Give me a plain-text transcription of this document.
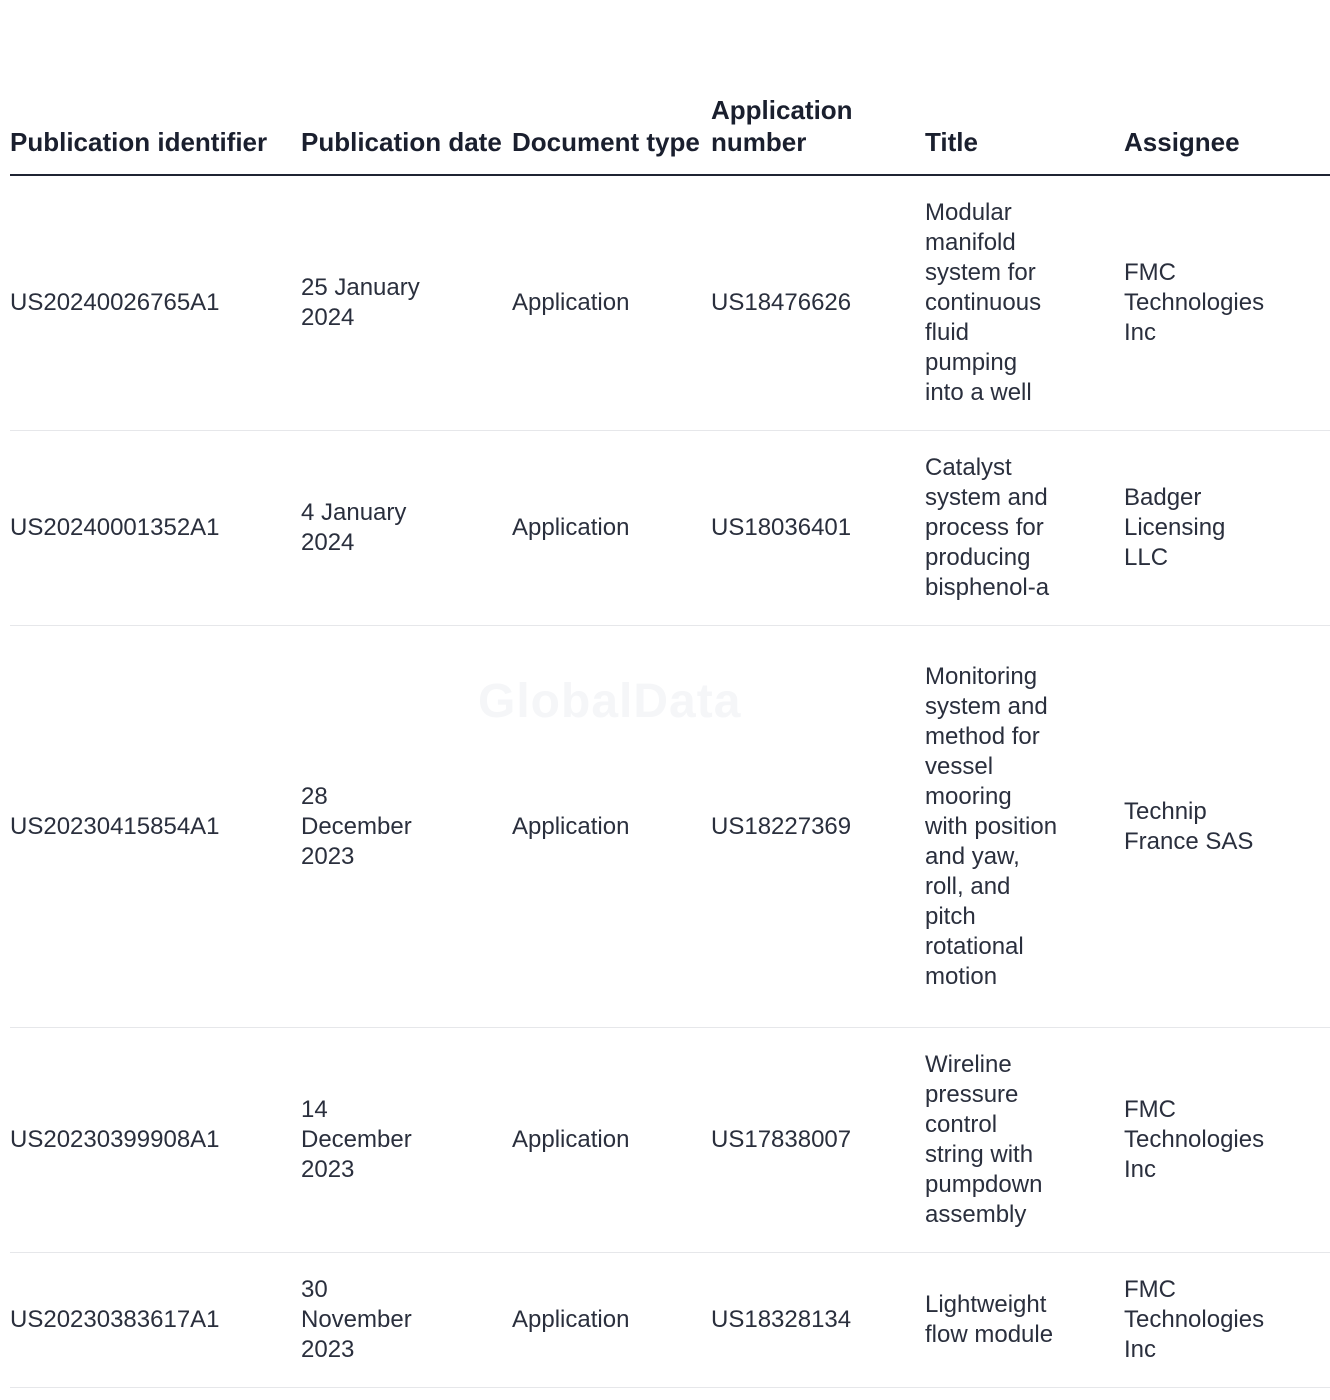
GlobalData
Publication identifier	Publication date	Document type	Application number	Title	Assignee
US20240026765A1	25 January 2024	Application	US18476626	Modular manifold system for continuous fluid pumping into a well	FMC Technologies Inc

US20240001352A1	4 January 2024	Application	US18036401	Catalyst system and process for producing bisphenol-a	Badger Licensing LLC

US20230415854A1	28 December 2023	Application	US18227369	Monitoring system and method for vessel mooring with position and yaw, roll, and pitch rotational motion	Technip France SAS

US20230399908A1	14 December 2023	Application	US17838007	Wireline pressure control string with pumpdown assembly	FMC Technologies Inc

US20230383617A1	30 November 2023	Application	US18328134	Lightweight flow module	FMC Technologies Inc
